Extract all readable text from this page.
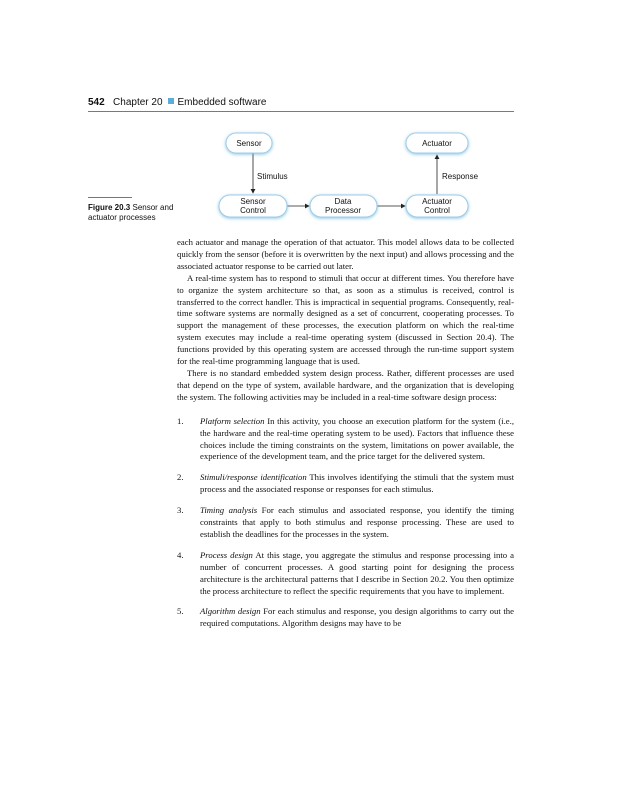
542 Chapter 20 Embedded software
Sensor	Actuator
Sensor
Control
Data
Processor
Actuator
Control
Stimulus	Response
Figure 20.3 Sensor and actuator processes

each actuator and manage the operation of that actuator. This model allows data to be collected quickly from the sensor (before it is overwritten by the next input) and allows processing and the associated actuator response to be carried out later.

A real-time system has to respond to stimuli that occur at different times. You therefore have to organize the system architecture so that, as soon as a stimulus is received, control is transferred to the correct handler. This is impractical in sequential programs. Consequently, real-time software systems are normally designed as a set of concurrent, cooperating processes. To support the management of these processes, the execution platform on which the real-time system executes may include a real-time operating system (discussed in Section 20.4). The functions provided by this operating system are accessed through the run-time support system for the real-time programming language that is used.

There is no standard embedded system design process. Rather, different processes are used that depend on the type of system, available hardware, and the organization that is developing the system. The following activities may be included in a real-time software design process:

1. Platform selection In this activity, you choose an execution platform for the system (i.e., the hardware and the real-time operating system to be used). Factors that influence these choices include the timing constraints on the system, limitations on power available, the experience of the development team, and the price target for the delivered system.
2. Stimuli/response identification This involves identifying the stimuli that the system must process and the associated response or responses for each stimulus.
3. Timing analysis For each stimulus and associated response, you identify the timing constraints that apply to both stimulus and response processing. These are used to establish the deadlines for the processes in the system.
4. Process design At this stage, you aggregate the stimulus and response processing into a number of concurrent processes. A good starting point for designing the process architecture is the architectural patterns that I describe in Section 20.2. You then optimize the process architecture to reflect the specific requirements that you have to implement.
5. Algorithm design For each stimulus and response, you design algorithms to carry out the required computations. Algorithm designs may have to be
